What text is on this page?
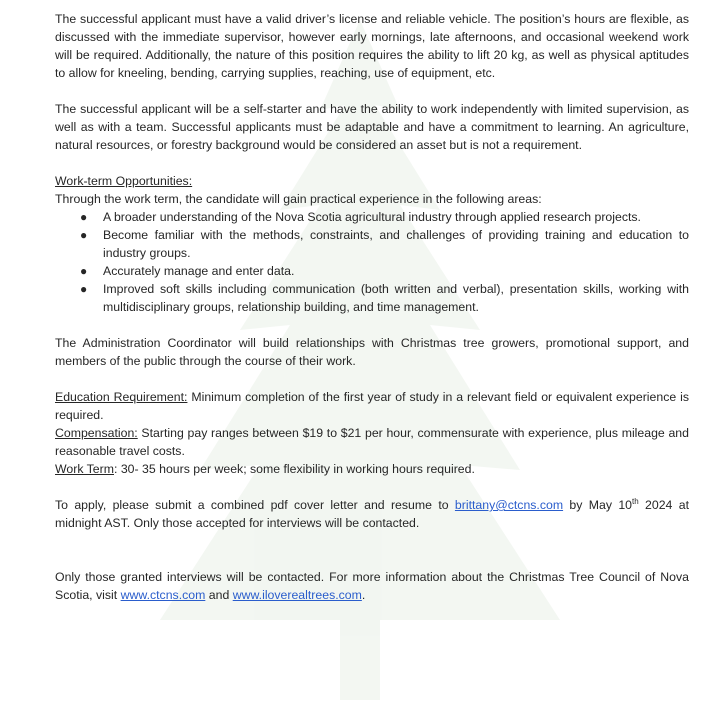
The successful applicant must have a valid driver’s license and reliable vehicle. The position’s hours are flexible, as discussed with the immediate supervisor, however early mornings, late afternoons, and occasional weekend work will be required. Additionally, the nature of this position requires the ability to lift 20 kg, as well as physical aptitudes to allow for kneeling, bending, carrying supplies, reaching, use of equipment, etc.

The successful applicant will be a self-starter and have the ability to work independently with limited supervision, as well as with a team. Successful applicants must be adaptable and have a commitment to learning. An agriculture, natural resources, or forestry background would be considered an asset but is not a requirement.

Work-term Opportunities:

Through the work term, the candidate will gain practical experience in the following areas:

● A broader understanding of the Nova Scotia agricultural industry through applied research projects.
● Become familiar with the methods, constraints, and challenges of providing training and education to industry groups.
● Accurately manage and enter data.
● Improved soft skills including communication (both written and verbal), presentation skills, working with multidisciplinary groups, relationship building, and time management.

The Administration Coordinator will build relationships with Christmas tree growers, promotional support, and members of the public through the course of their work.

Education Requirement: Minimum completion of the first year of study in a relevant field or equivalent experience is required.

Compensation: Starting pay ranges between $19 to $21 per hour, commensurate with experience, plus mileage and reasonable travel costs.

Work Term: 30- 35 hours per week; some flexibility in working hours required.

To apply, please submit a combined pdf cover letter and resume to brittany@ctcns.com by May 10th 2024 at midnight AST. Only those accepted for interviews will be contacted.

Only those granted interviews will be contacted. For more information about the Christmas Tree Council of Nova Scotia, visit www.ctcns.com and www.iloverealtrees.com.
